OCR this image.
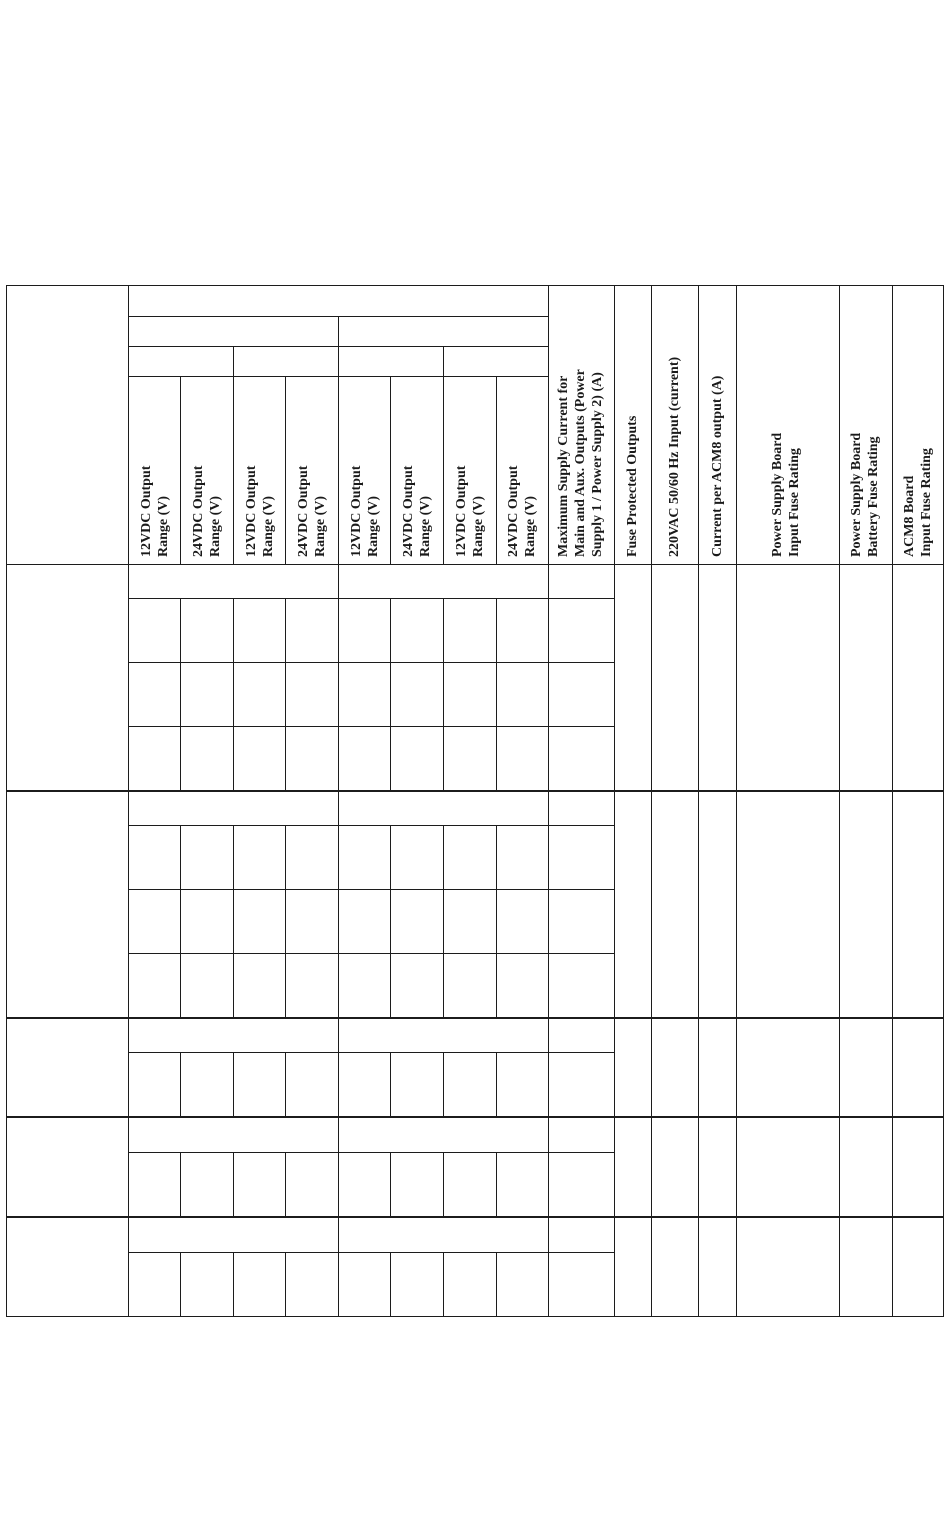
12VDC Output Range (V) 24VDC Output Range (V) 12VDC Output Range (V) 24VDC Output Range (V) 12VDC Output Range (V) 24VDC Output Range (V) 12VDC Output Range (V) 24VDC Output Range (V) Maximum Supply Current for Main and Aux. Outputs (Power Supply 1 / Power Supply 2) (A) Fuse Protected Outputs 220VAC 50/60 Hz Input (current) Current per ACM8 output (A)	Power Supply Board Input Fuse Rating	Power Supply Board Battery Fuse Rating ACM8 Board Input Fuse Rating
